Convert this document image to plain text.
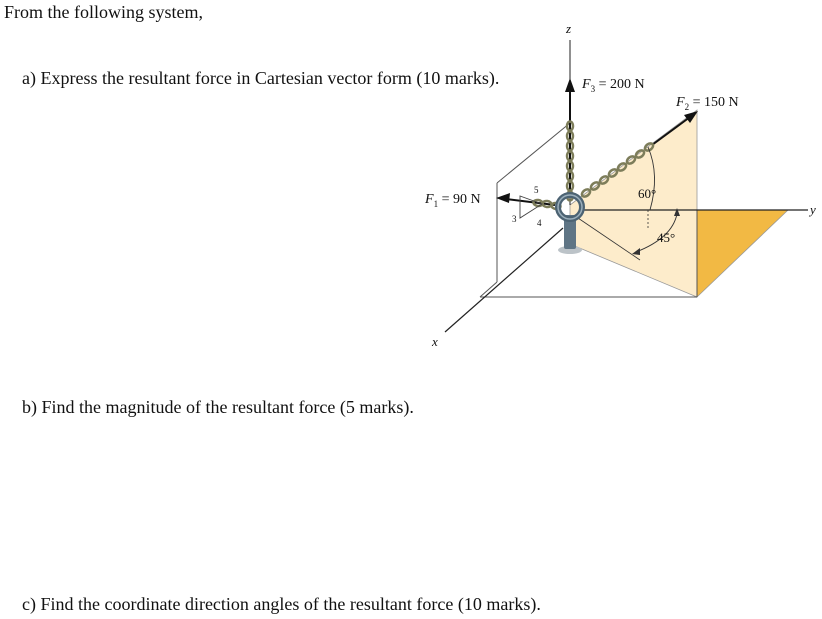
From the following system,
a) Express the resultant force in Cartesian vector form (10 marks).
b) Find the magnitude of the resultant force (5 marks).
c) Find the coordinate direction angles of the resultant force (10 marks).
5
3 4
z
x
y
$F_3 = 200$ N
$F_2 = 150$ N
$F_1 = 90$ N	60°
45°
